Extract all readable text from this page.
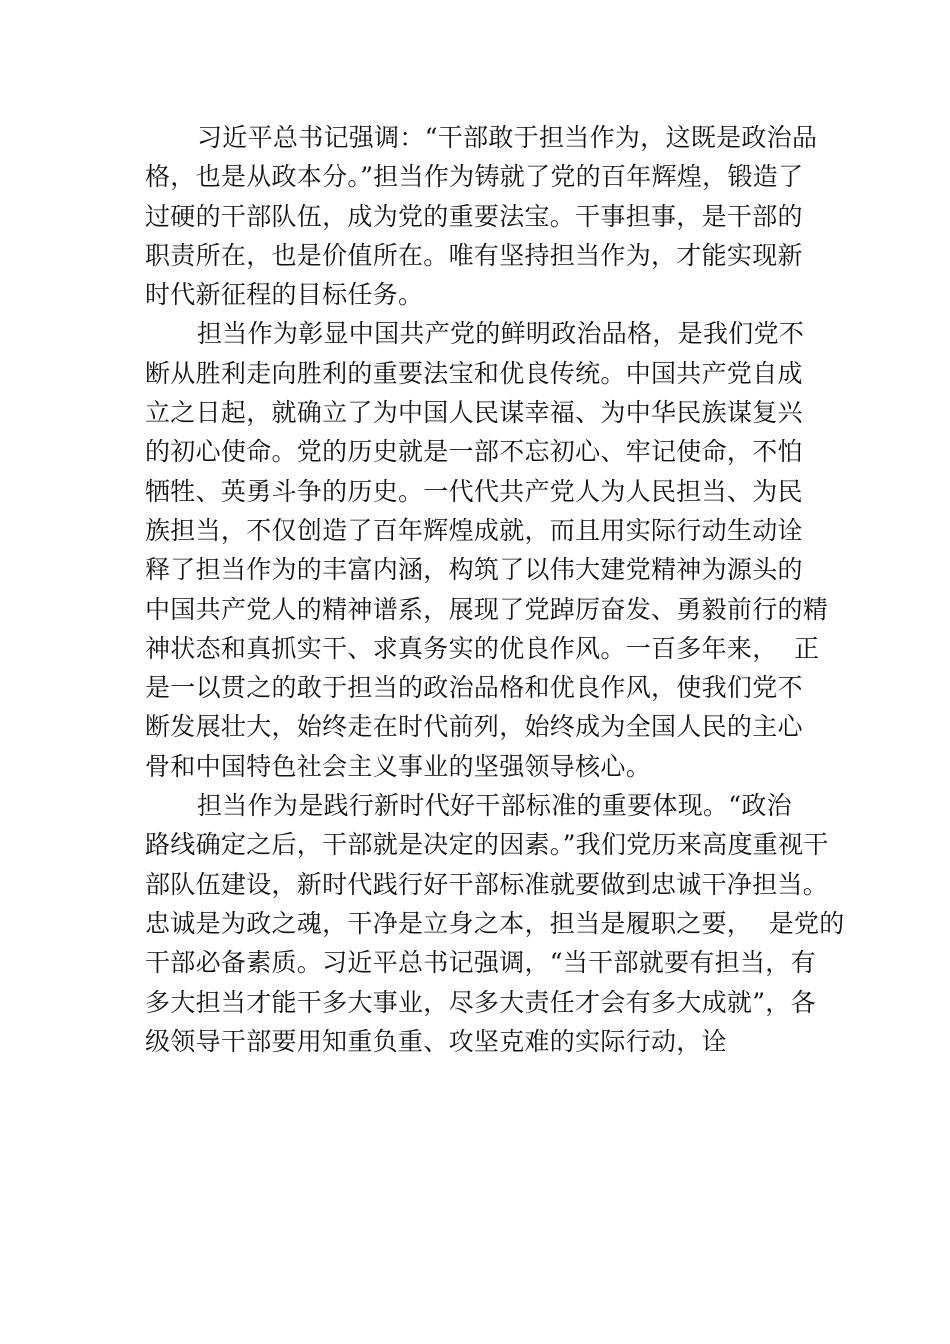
习近平总书记强调：“干部敢于担当作为，这既是政治品
格，也是从政本分。”担当作为铸就了党的百年辉煌，锻造了
过硬的干部队伍，成为党的重要法宝。干事担事，是干部的
职责所在，也是价值所在。唯有坚持担当作为，才能实现新
时代新征程的目标任务。
担当作为彰显中国共产党的鲜明政治品格，是我们党不
断从胜利走向胜利的重要法宝和优良传统。中国共产党自成
立之日起，就确立了为中国人民谋幸福、为中华民族谋复兴
的初心使命。党的历史就是一部不忘初心、牢记使命，不怕
牺牲、英勇斗争的历史。一代代共产党人为人民担当、为民
族担当，不仅创造了百年辉煌成就，而且用实际行动生动诠
释了担当作为的丰富内涵，构筑了以伟大建党精神为源头的
中国共产党人的精神谱系，展现了党踔厉奋发、勇毅前行的精
神状态和真抓实干、求真务实的优良作风。一百多年来，  正
是一以贯之的敢于担当的政治品格和优良作风，使我们党不
断发展壮大，始终走在时代前列，始终成为全国人民的主心
骨和中国特色社会主义事业的坚强领导核心。
担当作为是践行新时代好干部标准的重要体现。“政治
路线确定之后，干部就是决定的因素。”我们党历来高度重视干
部队伍建设，新时代践行好干部标准就要做到忠诚干净担当。
忠诚是为政之魂，干净是立身之本，担当是履职之要，  是党的
干部必备素质。习近平总书记强调，“当干部就要有担当，有
多大担当才能干多大事业，尽多大责任才会有多大成就”，各
级领导干部要用知重负重、攻坚克难的实际行动，诠
